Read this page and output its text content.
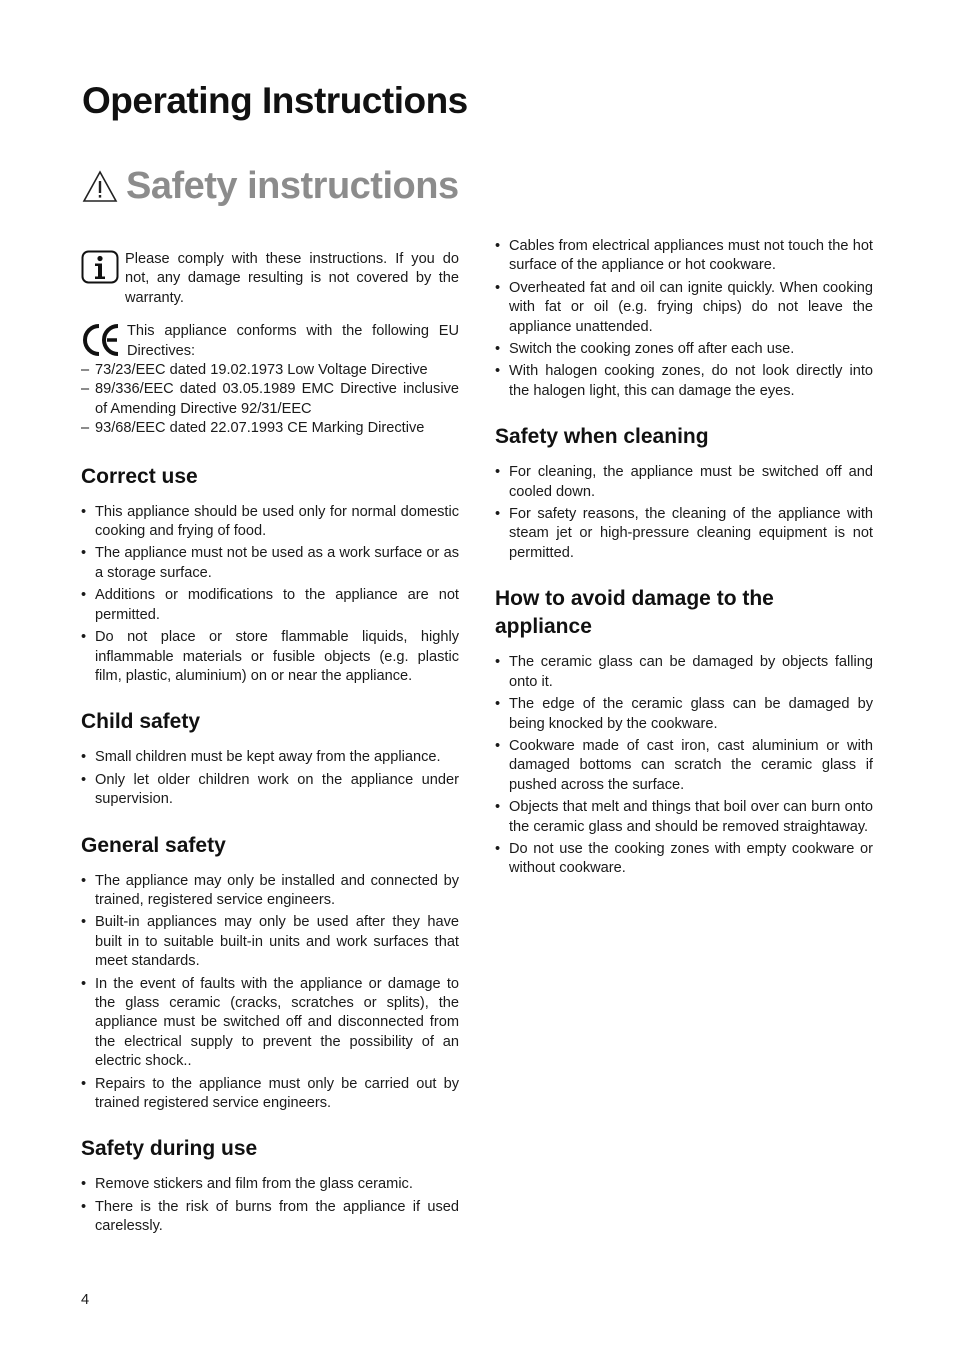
Operating Instructions
Safety instructions

Please comply with these instructions. If you do not, any damage resulting is not covered by the warranty.

This appliance conforms with the following EU Directives:

– 73/23/EEC dated 19.02.1973 Low Voltage Directive
– 89/336/EEC dated 03.05.1989 EMC Directive inclusive of Amending Directive 92/31/EEC
– 93/68/EEC dated 22.07.1993 CE Marking Directive
Correct use
• This appliance should be used only for normal domestic cooking and frying of food.
• The appliance must not be used as a work surface or as a storage surface.
• Additions or modifications to the appliance are not permitted.
• Do not place or store flammable liquids, highly inflammable materials or fusible objects (e.g. plastic film, plastic, aluminium) on or near the appliance.
Child safety
• Small children must be kept away from the appliance.
• Only let older children work on the appliance under supervision.
General safety
• The appliance may only be installed and connected by trained, registered service engineers.
• Built-in appliances may only be used after they have built in to suitable built-in units and work surfaces that meet standards.
• In the event of faults with the appliance or damage to the glass ceramic (cracks, scratches or splits), the appliance must be switched off and disconnected from the electrical supply to prevent the possibility of an electric shock..
• Repairs to the appliance must only be carried out by trained registered service engineers.
Safety during use
• Remove stickers and film from the glass ceramic.
• There is the risk of burns from the appliance if used carelessly.
• Cables from electrical appliances must not touch the hot surface of the appliance or hot cookware.
• Overheated fat and oil can ignite quickly. When cooking with fat or oil (e.g. frying chips) do not leave the appliance unattended.
• Switch the cooking zones off after each use.
• With halogen cooking zones, do not look directly into the halogen light, this can damage the eyes.
Safety when cleaning
• For cleaning, the appliance must be switched off and cooled down.
• For safety reasons, the cleaning of the appliance with steam jet or high-pressure cleaning equipment is not permitted.
How to avoid damage to the appliance
• The ceramic glass can be damaged by objects falling onto it.
• The edge of the ceramic glass can be damaged by being knocked by the cookware.
• Cookware made of cast iron, cast aluminium or with damaged bottoms can scratch the ceramic glass if pushed across the surface.
• Objects that melt and things that boil over can burn onto the ceramic glass and should be removed straightaway.
• Do not use the cooking zones with empty cookware or without cookware.
4
